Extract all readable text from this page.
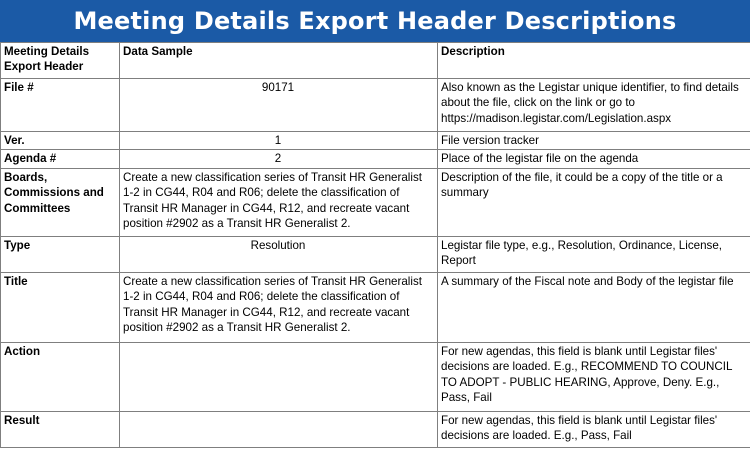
Meeting Details Export Header Descriptions
Meeting Details Export Header	Data Sample	Description
File #	90171	Also known as the Legistar unique identifier, to find details about the file, click on the link or go to https://madison.legistar.com/Legislation.aspx
Ver.	1	File version tracker
Agenda #	2	Place of the legistar file on the agenda
Boards, Commissions and Committees	Create a new classification series of Transit HR Generalist 1-2 in CG44, R04 and R06; delete the classification of Transit HR Manager in CG44, R12, and recreate vacant position #2902 as a Transit HR Generalist 2.	Description of the file, it could be a copy of the title or a summary
Type	Resolution	Legistar file type, e.g., Resolution, Ordinance, License, Report
Title	Create a new classification series of Transit HR Generalist 1-2 in CG44, R04 and R06; delete the classification of Transit HR Manager in CG44, R12, and recreate vacant position #2902 as a Transit HR Generalist 2.	A summary of the Fiscal note and Body of the legistar file
Action		For new agendas, this field is blank until Legistar files' decisions are loaded. E.g., RECOMMEND TO COUNCIL TO ADOPT - PUBLIC HEARING, Approve, Deny. E.g., Pass, Fail
Result		For new agendas, this field is blank until Legistar files' decisions are loaded. E.g., Pass, Fail
